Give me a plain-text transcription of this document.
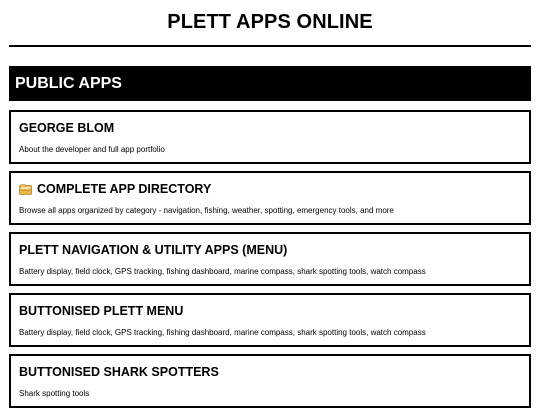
PLETT APPS ONLINE
PUBLIC APPS
GEORGE BLOM
About the developer and full app portfolio
COMPLETE APP DIRECTORY
Browse all apps organized by category - navigation, fishing, weather, spotting, emergency tools, and more
PLETT NAVIGATION & UTILITY APPS (MENU)
Battery display, field clock, GPS tracking, fishing dashboard, marine compass, shark spotting tools, watch compass
BUTTONISED PLETT MENU
Battery display, field clock, GPS tracking, fishing dashboard, marine compass, shark spotting tools, watch compass
BUTTONISED SHARK SPOTTERS
Shark spotting tools
